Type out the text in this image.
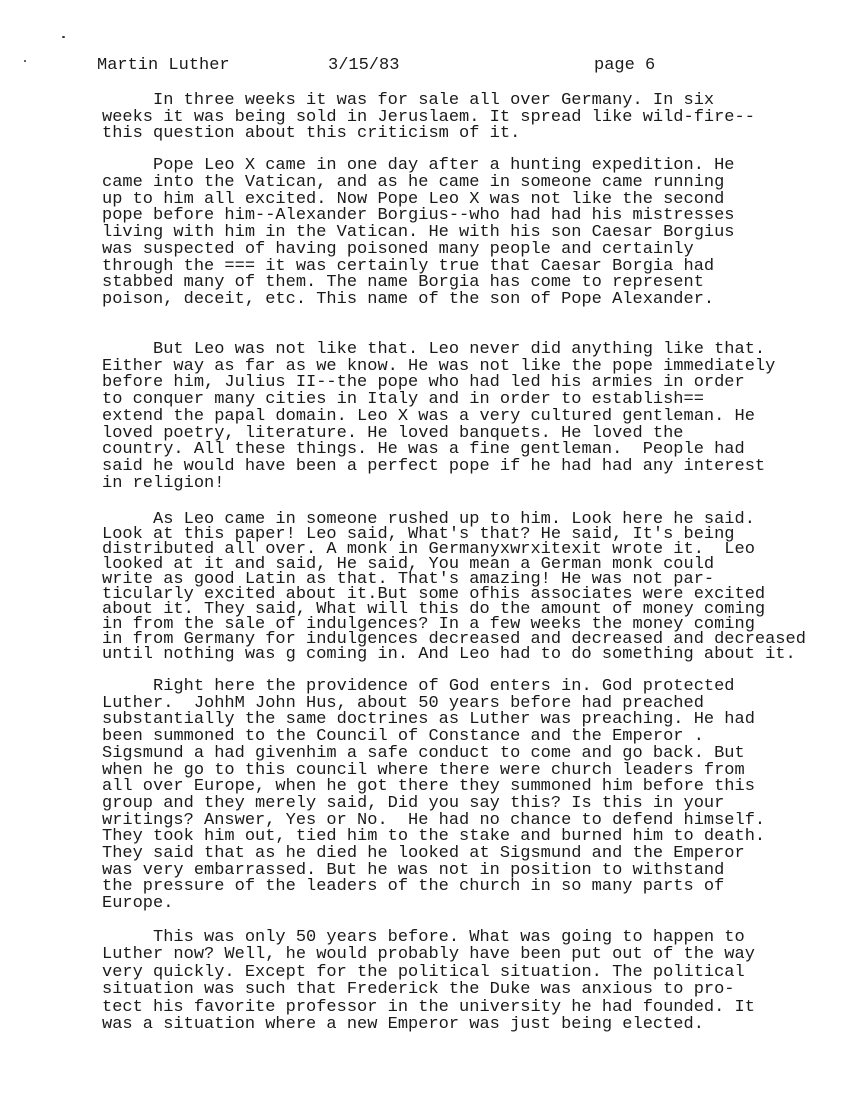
Martin Luther	3/15/83	page 6
In three weeks it was for sale all over Germany. In six
weeks it was being sold in Jeruslaem. It spread like wild-fire--
this question about this criticism of it.
Pope Leo X came in one day after a hunting expedition. He
came into the Vatican, and as he came in someone came running
up to him all excited. Now Pope Leo X was not like the second
pope before him--Alexander Borgius--who had had his mistresses
living with him in the Vatican. He with his son Caesar Borgius
was suspected of having poisoned many people and certainly
through the === it was certainly true that Caesar Borgia had
stabbed many of them. The name Borgia has come to represent
poison, deceit, etc. This name of the son of Pope Alexander.
But Leo was not like that. Leo never did anything like that.
Either way as far as we know. He was not like the pope immediately
before him, Julius II--the pope who had led his armies in order
to conquer many cities in Italy and in order to establish==
extend the papal domain. Leo X was a very cultured gentleman. He
loved poetry, literature. He loved banquets. He loved the
country. All these things. He was a fine gentleman.  People had
said he would have been a perfect pope if he had had any interest
in religion!
As Leo came in someone rushed up to him. Look here he said.
Look at this paper! Leo said, What's that? He said, It's being
distributed all over. A monk in Germanyxwrxitexit wrote it.  Leo
looked at it and said, He said, You mean a German monk could
write as good Latin as that. That's amazing! He was not par-
ticularly excited about it.But some ofhis associates were excited
about it. They said, What will this do the amount of money coming
in from the sale of indulgences? In a few weeks the money coming
in from Germany for indulgences decreased and decreased and decreased
until nothing was g coming in. And Leo had to do something about it.
Right here the providence of God enters in. God protected
Luther.  JohhM John Hus, about 50 years before had preached
substantially the same doctrines as Luther was preaching. He had
been summoned to the Council of Constance and the Emperor .
Sigsmund a had givenhim a safe conduct to come and go back. But
when he go to this council where there were church leaders from
all over Europe, when he got there they summoned him before this
group and they merely said, Did you say this? Is this in your
writings? Answer, Yes or No.  He had no chance to defend himself.
They took him out, tied him to the stake and burned him to death.
They said that as he died he looked at Sigsmund and the Emperor
was very embarrassed. But he was not in position to withstand
the pressure of the leaders of the church in so many parts of
Europe.
This was only 50 years before. What was going to happen to
Luther now? Well, he would probably have been put out of the way
very quickly. Except for the political situation. The political
situation was such that Frederick the Duke was anxious to pro-
tect his favorite professor in the university he had founded. It
was a situation where a new Emperor was just being elected.
